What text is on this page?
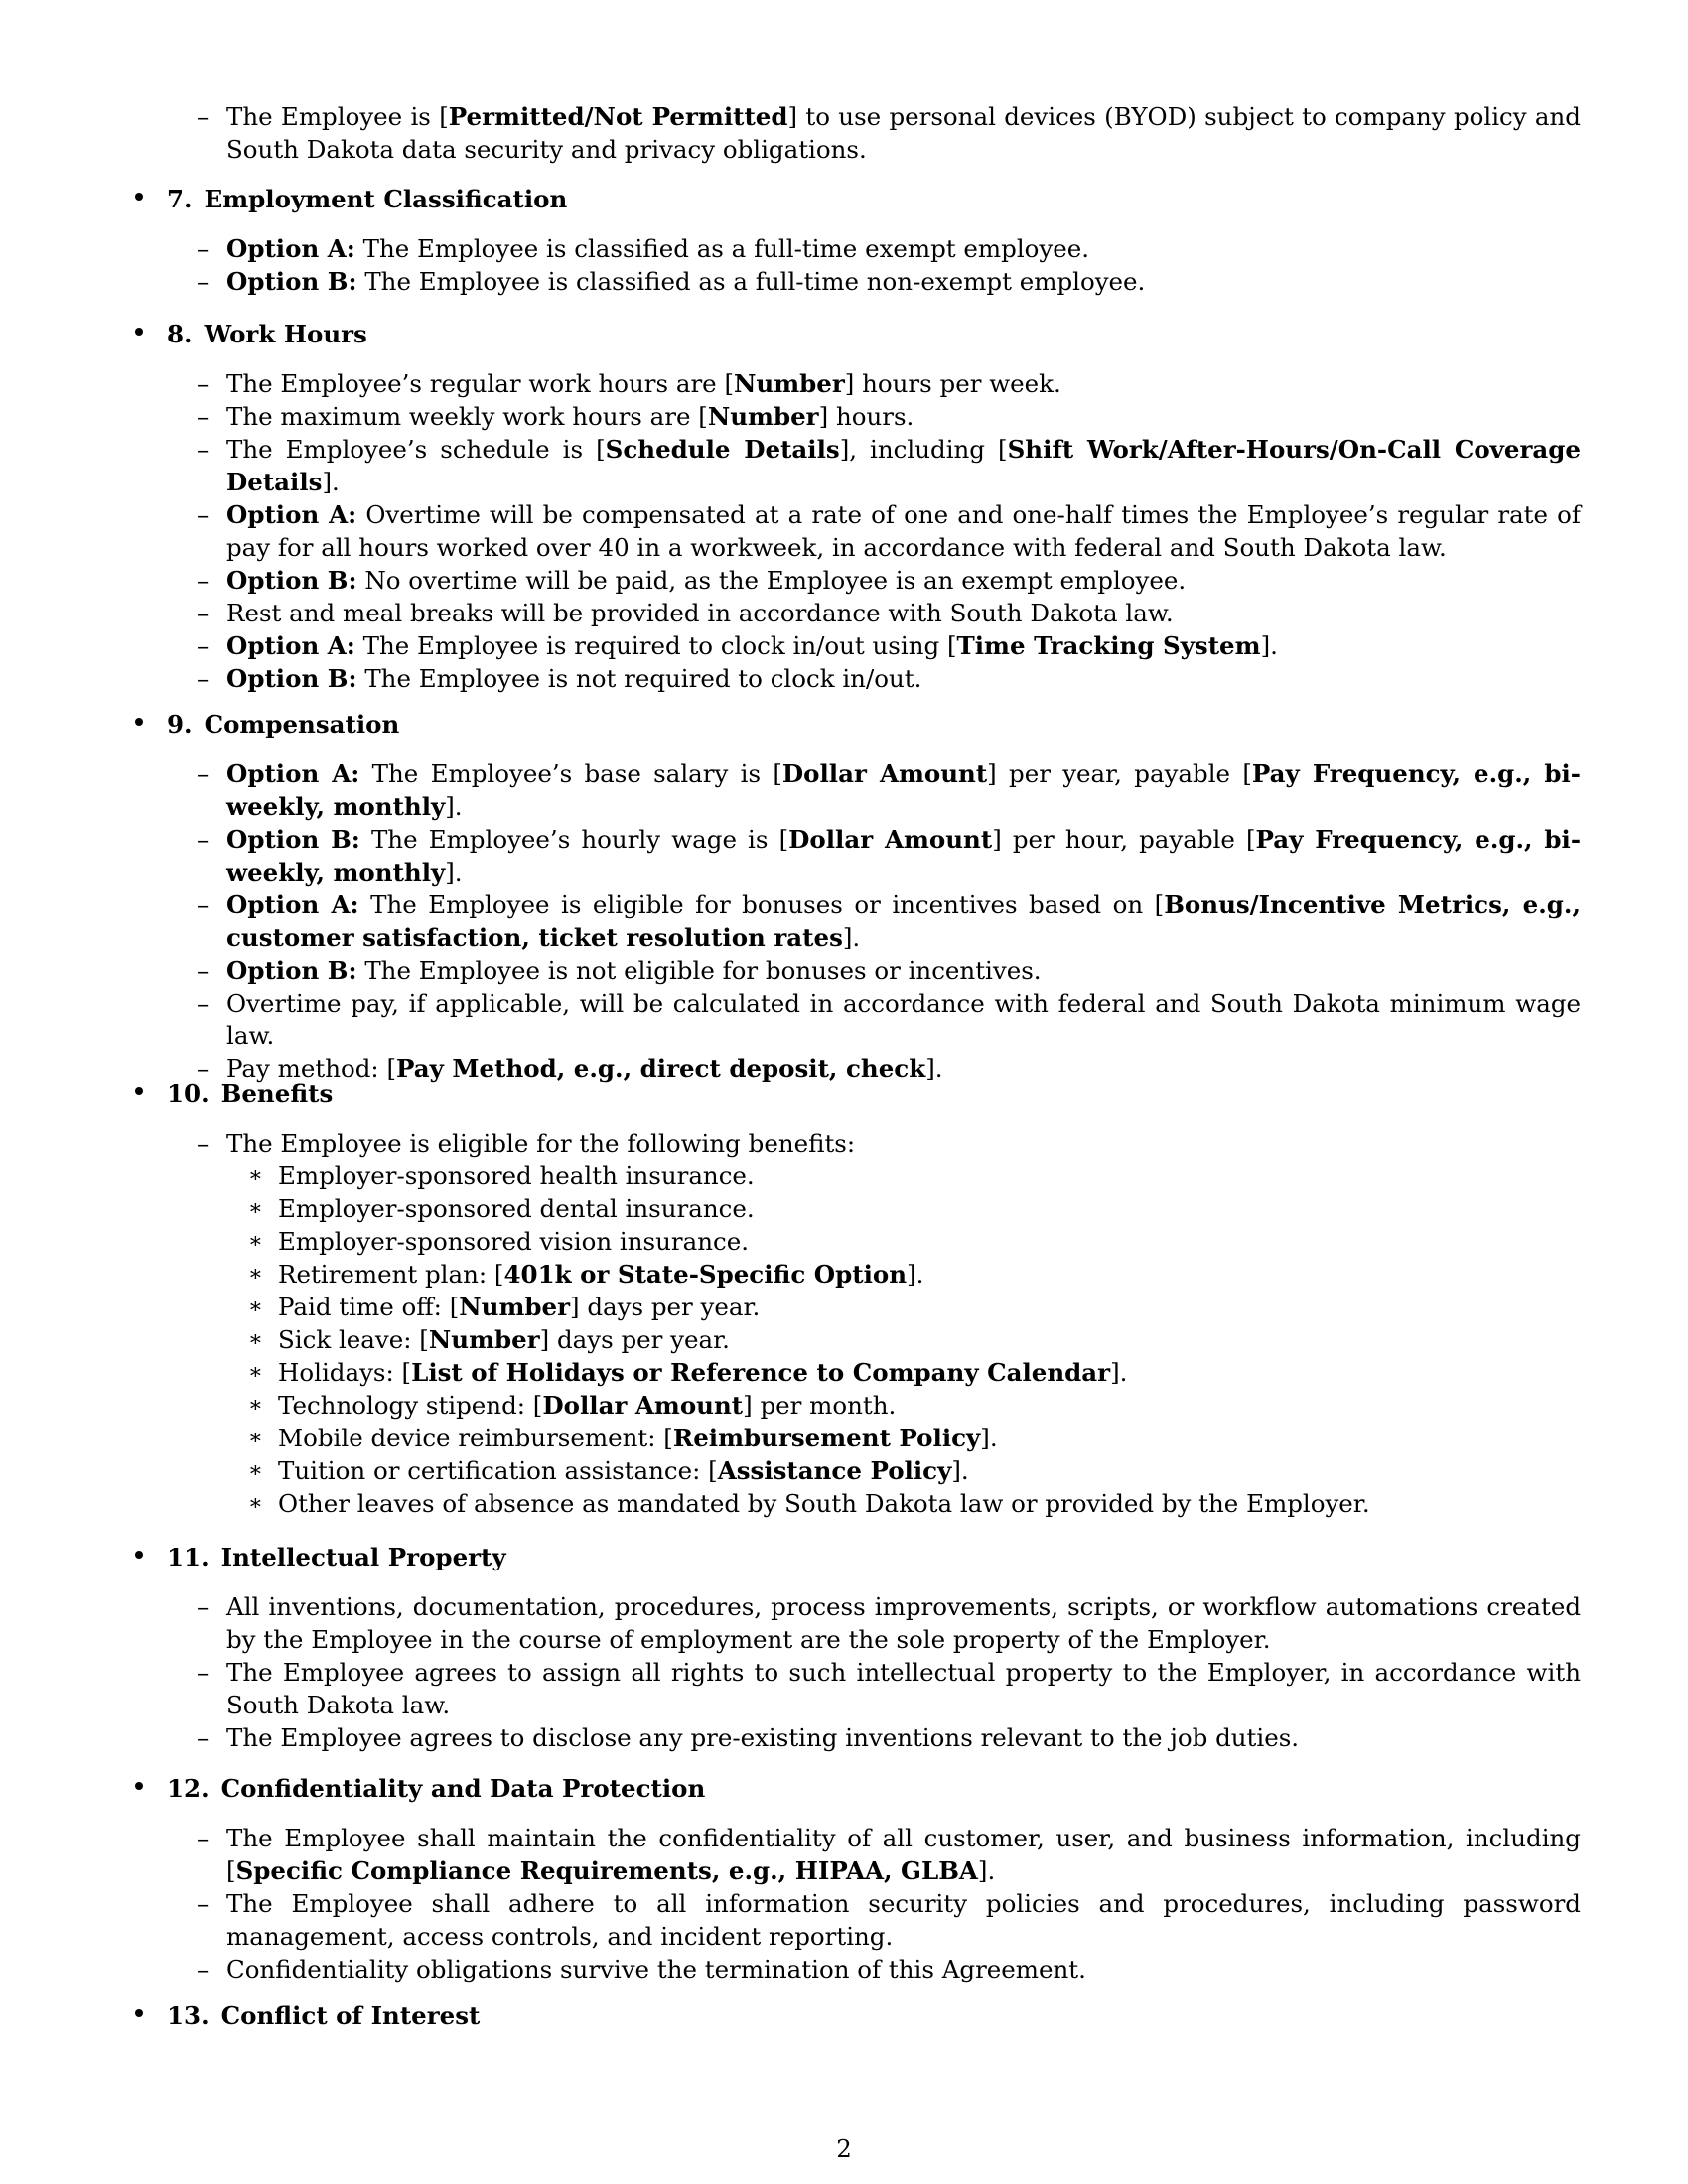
– The Employee is [Permitted/Not Permitted] to use personal devices (BYOD) subject to company policy and South Dakota data security and privacy obligations.
7. Employment Classification
– Option A: The Employee is classified as a full-time exempt employee.
– Option B: The Employee is classified as a full-time non-exempt employee.
8. Work Hours
– The Employee’s regular work hours are [Number] hours per week.
– The maximum weekly work hours are [Number] hours.
– The Employee’s schedule is [Schedule Details], including [Shift Work/After-Hours/On-Call Coverage Details].
– Option A: Overtime will be compensated at a rate of one and one-half times the Employee’s regular rate of pay for all hours worked over 40 in a workweek, in accordance with federal and South Dakota law.
– Option B: No overtime will be paid, as the Employee is an exempt employee.
– Rest and meal breaks will be provided in accordance with South Dakota law.
– Option A: The Employee is required to clock in/out using [Time Tracking System].
– Option B: The Employee is not required to clock in/out.
9. Compensation
– Option A: The Employee’s base salary is [Dollar Amount] per year, payable [Pay Frequency, e.g., bi-weekly, monthly].
– Option B: The Employee’s hourly wage is [Dollar Amount] per hour, payable [Pay Frequency, e.g., bi-weekly, monthly].
– Option A: The Employee is eligible for bonuses or incentives based on [Bonus/Incentive Metrics, e.g., customer satisfaction, ticket resolution rates].
– Option B: The Employee is not eligible for bonuses or incentives.
– Overtime pay, if applicable, will be calculated in accordance with federal and South Dakota minimum wage law.
– Pay method: [Pay Method, e.g., direct deposit, check].
10. Benefits
– The Employee is eligible for the following benefits:
∗ Employer-sponsored health insurance.
∗ Employer-sponsored dental insurance.
∗ Employer-sponsored vision insurance.
∗ Retirement plan: [401k or State-Specific Option].
∗ Paid time off: [Number] days per year.
∗ Sick leave: [Number] days per year.
∗ Holidays: [List of Holidays or Reference to Company Calendar].
∗ Technology stipend: [Dollar Amount] per month.
∗ Mobile device reimbursement: [Reimbursement Policy].
∗ Tuition or certification assistance: [Assistance Policy].
∗ Other leaves of absence as mandated by South Dakota law or provided by the Employer.
11. Intellectual Property
– All inventions, documentation, procedures, process improvements, scripts, or workflow automations created by the Employee in the course of employment are the sole property of the Employer.
– The Employee agrees to assign all rights to such intellectual property to the Employer, in accordance with South Dakota law.
– The Employee agrees to disclose any pre-existing inventions relevant to the job duties.
12. Confidentiality and Data Protection
– The Employee shall maintain the confidentiality of all customer, user, and business information, including [Specific Compliance Requirements, e.g., HIPAA, GLBA].
– The Employee shall adhere to all information security policies and procedures, including password management, access controls, and incident reporting.
– Confidentiality obligations survive the termination of this Agreement.
13. Conflict of Interest
2
